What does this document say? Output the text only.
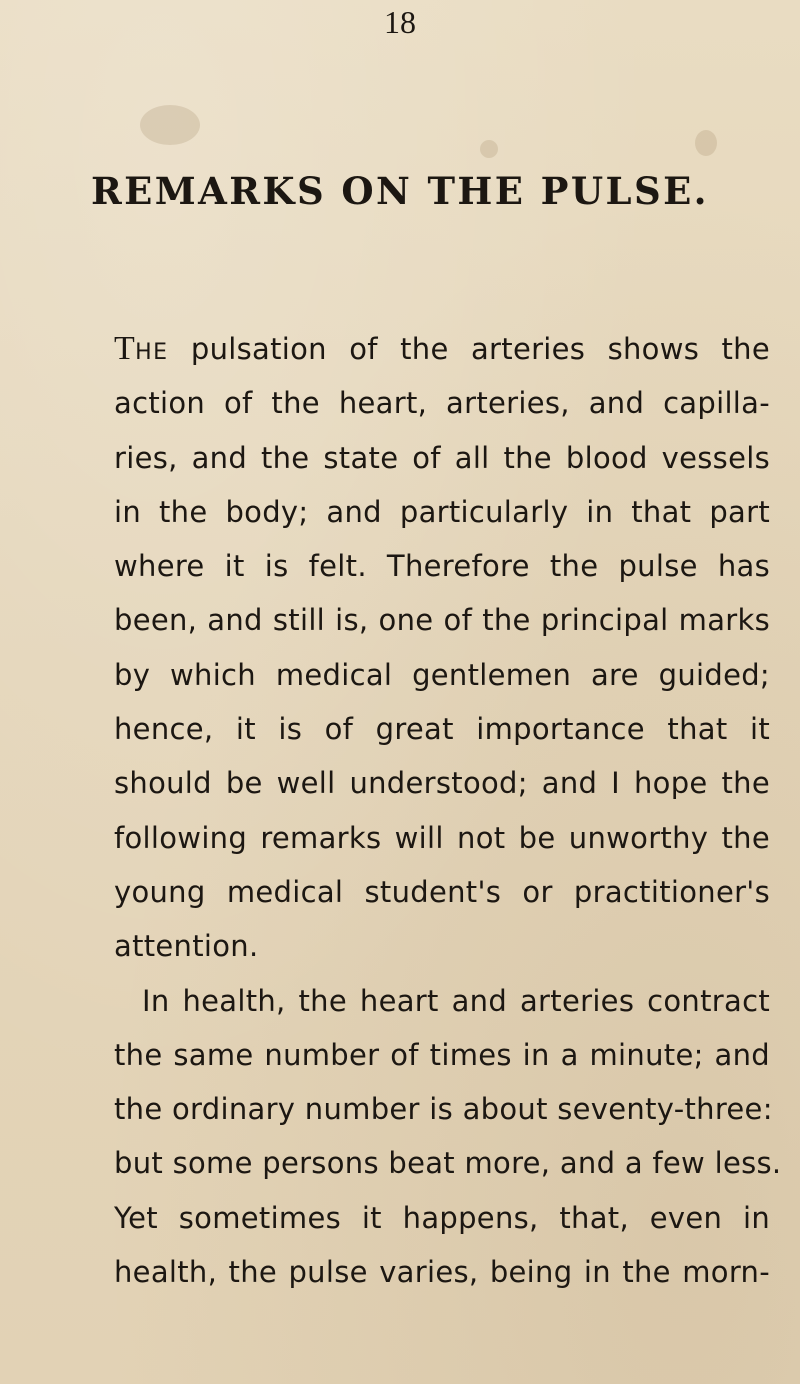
18
REMARKS ON THE PULSE.
THE pulsation of the arteries shows the
action of the heart, arteries, and capilla-
ries, and the state of all the blood vessels
in the body; and particularly in that part
where it is felt. Therefore the pulse has
been, and still is, one of the principal marks
by which medical gentlemen are guided;
hence, it is of great importance that it
should be well understood; and I hope the
following remarks will not be unworthy the
young medical student's or practitioner's
attention.
In health, the heart and arteries contract
the same number of times in a minute; and
the ordinary number is about seventy-three:
but some persons beat more, and a few less.
Yet sometimes it happens, that, even in
health, the pulse varies, being in the morn-
